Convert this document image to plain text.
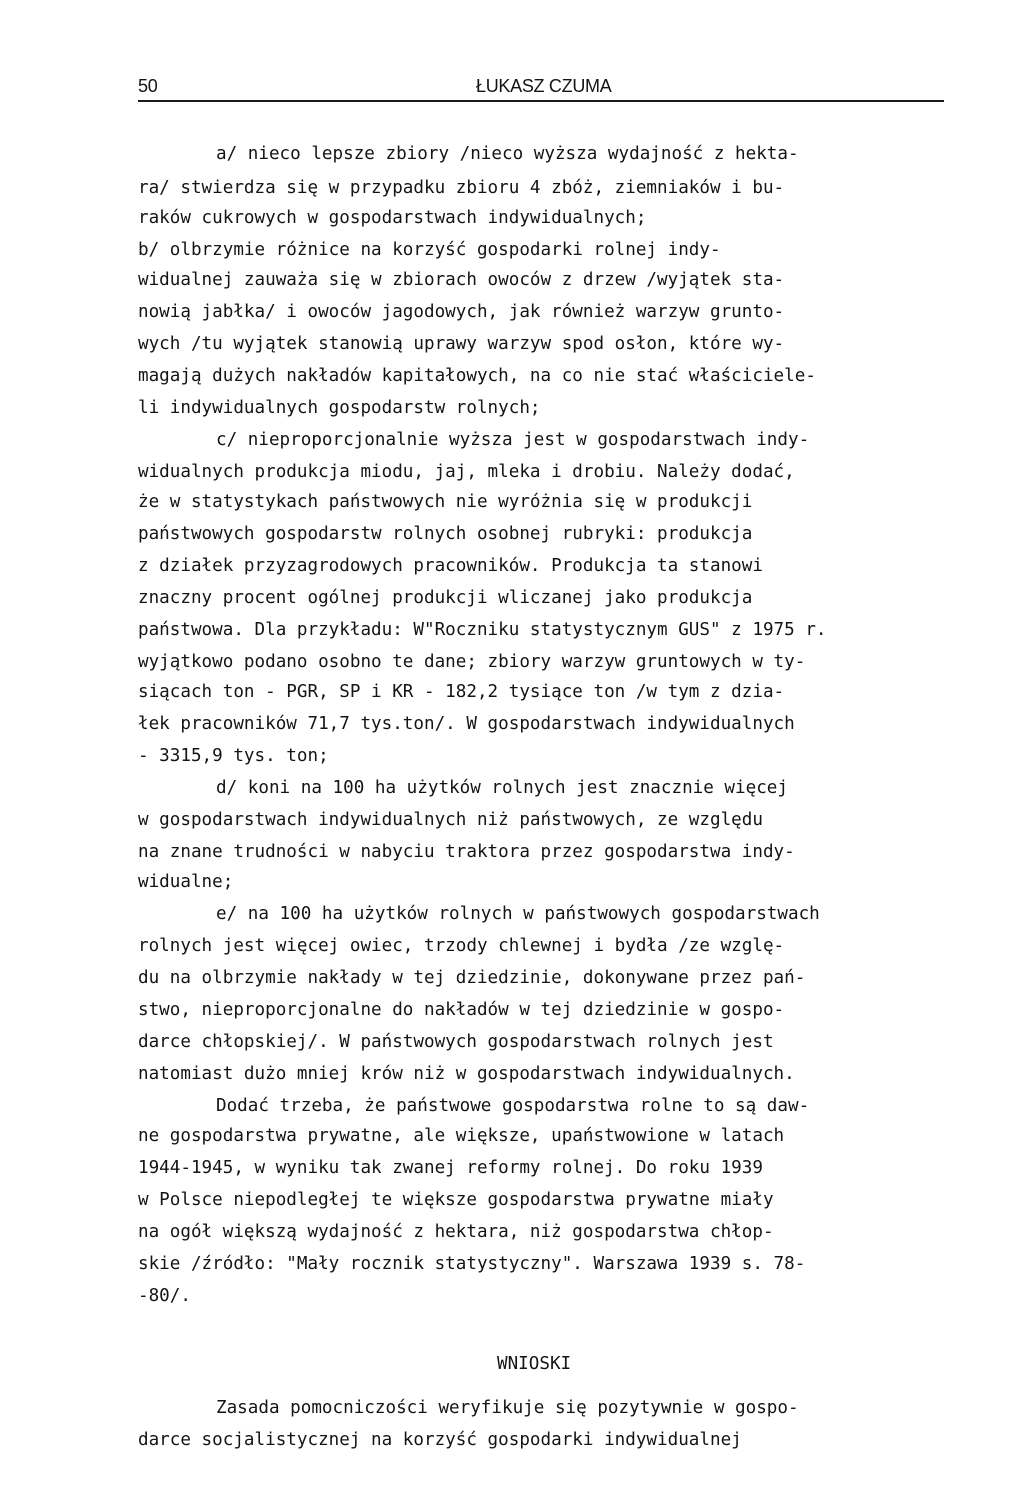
50	ŁUKASZ CZUMA
a/ nieco lepsze zbiory /nieco wyższa wydajność z hekta-
ra/ stwierdza się w przypadku zbioru 4 zbóż, ziemniaków i bu-
raków cukrowych w gospodarstwach indywidualnych;
b/ olbrzymie różnice na korzyść gospodarki rolnej indy-
widualnej zauważa się w zbiorach owoców z drzew /wyjątek sta-
nowią jabłka/ i owoców jagodowych, jak również warzyw grunto-
wych /tu wyjątek stanowią uprawy warzyw spod osłon, które wy-
magają dużych nakładów kapitałowych, na co nie stać właściciele-
li indywidualnych gospodarstw rolnych;
c/ nieproporcjonalnie wyższa jest w gospodarstwach indy-
widualnych produkcja miodu, jaj, mleka i drobiu. Należy dodać,
że w statystykach państwowych nie wyróżnia się w produkcji
państwowych gospodarstw rolnych osobnej rubryki: produkcja
z działek przyzagrodowych pracowników. Produkcja ta stanowi
znaczny procent ogólnej produkcji wliczanej jako produkcja
państwowa. Dla przykładu: W"Roczniku statystycznym GUS" z 1975 r.
wyjątkowo podano osobno te dane; zbiory warzyw gruntowych w ty-
siącach ton - PGR, SP i KR - 182,2 tysiące ton /w tym z dzia-
łek pracowników 71,7 tys.ton/. W gospodarstwach indywidualnych
- 3315,9 tys. ton;
d/ koni na 100 ha użytków rolnych jest znacznie więcej
w gospodarstwach indywidualnych niż państwowych, ze względu
na znane trudności w nabyciu traktora przez gospodarstwa indy-
widualne;
e/ na 100 ha użytków rolnych w państwowych gospodarstwach
rolnych jest więcej owiec, trzody chlewnej i bydła /ze wzglę-
du na olbrzymie nakłady w tej dziedzinie, dokonywane przez pań-
stwo, nieproporcjonalne do nakładów w tej dziedzinie w gospo-
darce chłopskiej/. W państwowych gospodarstwach rolnych jest
natomiast dużo mniej krów niż w gospodarstwach indywidualnych.
Dodać trzeba, że państwowe gospodarstwa rolne to są daw-
ne gospodarstwa prywatne, ale większe, upaństwowione w latach
1944-1945, w wyniku tak zwanej reformy rolnej. Do roku 1939
w Polsce niepodległej te większe gospodarstwa prywatne miały
na ogół większą wydajność z hektara, niż gospodarstwa chłop-
skie /źródło: "Mały rocznik statystyczny". Warszawa 1939 s. 78-
-80/.
WNIOSKI
Zasada pomocniczości weryfikuje się pozytywnie w gospo-
darce socjalistycznej na korzyść gospodarki indywidualnej
